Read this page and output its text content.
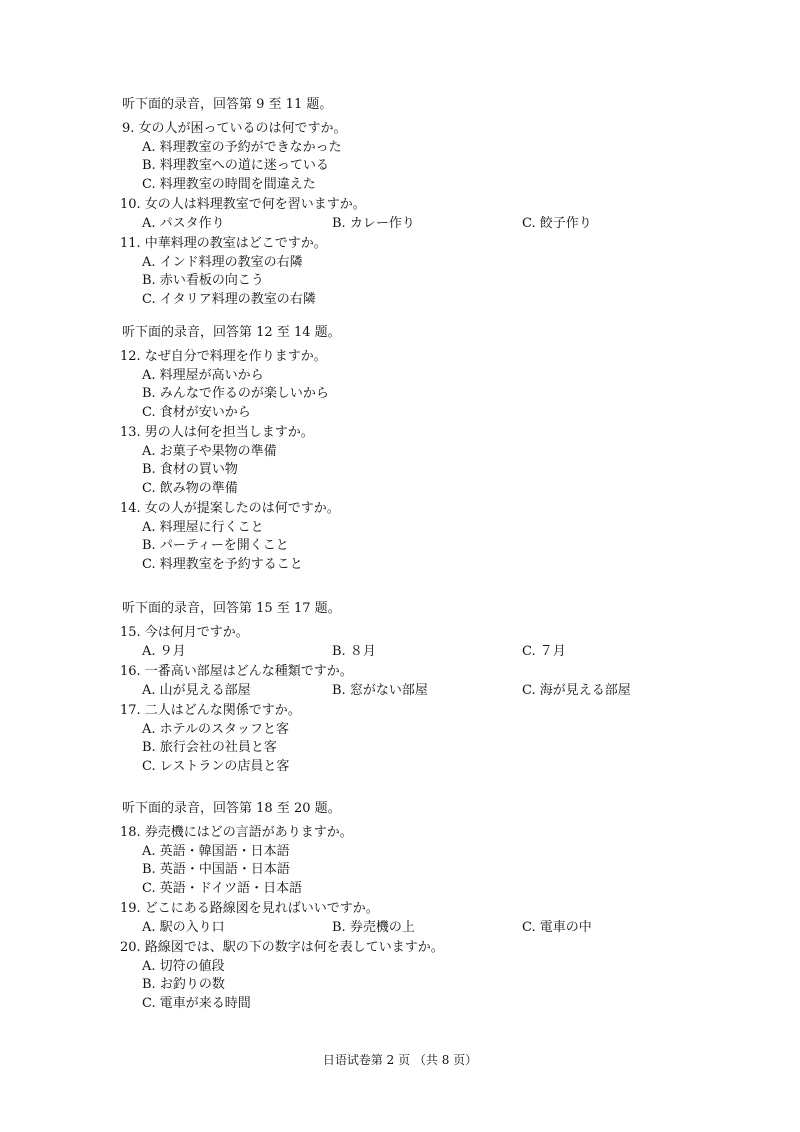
听下面的录音，回答第 9 至 11 题。
9. 女の人が困っているのは何ですか。
A. 料理教室の予約ができなかった
B. 料理教室への道に迷っている
C. 料理教室の時間を間違えた
10. 女の人は料理教室で何を習いますか。
A. パスタ作り	B. カレー作り	C. 餃子作り
11. 中華料理の教室はどこですか。
A. インド料理の教室の右隣
B. 赤い看板の向こう
C. イタリア料理の教室の右隣
听下面的录音，回答第 12 至 14 题。
12. なぜ自分で料理を作りますか。
A. 料理屋が高いから
B. みんなで作るのが楽しいから
C. 食材が安いから
13. 男の人は何を担当しますか。
A. お菓子や果物の準備
B. 食材の買い物
C. 飲み物の準備
14. 女の人が提案したのは何ですか。
A. 料理屋に行くこと
B. パーティーを開くこと
C. 料理教室を予約すること
听下面的录音，回答第 15 至 17 题。
15. 今は何月ですか。
A. ９月	B. ８月	C. ７月
16. 一番高い部屋はどんな種類ですか。
A. 山が見える部屋	B. 窓がない部屋	C. 海が見える部屋
17. 二人はどんな関係ですか。
A. ホテルのスタッフと客
B. 旅行会社の社員と客
C. レストランの店員と客
听下面的录音，回答第 18 至 20 题。
18. 券売機にはどの言語がありますか。
A. 英語・韓国語・日本語
B. 英語・中国語・日本語
C. 英語・ドイツ語・日本語
19. どこにある路線図を見ればいいですか。
A. 駅の入り口	B. 券売機の上	C. 電車の中
20. 路線図では、駅の下の数字は何を表していますか。
A. 切符の値段
B. お釣りの数
C. 電車が来る時間
日语试卷第 2 页 （共 8 页）
